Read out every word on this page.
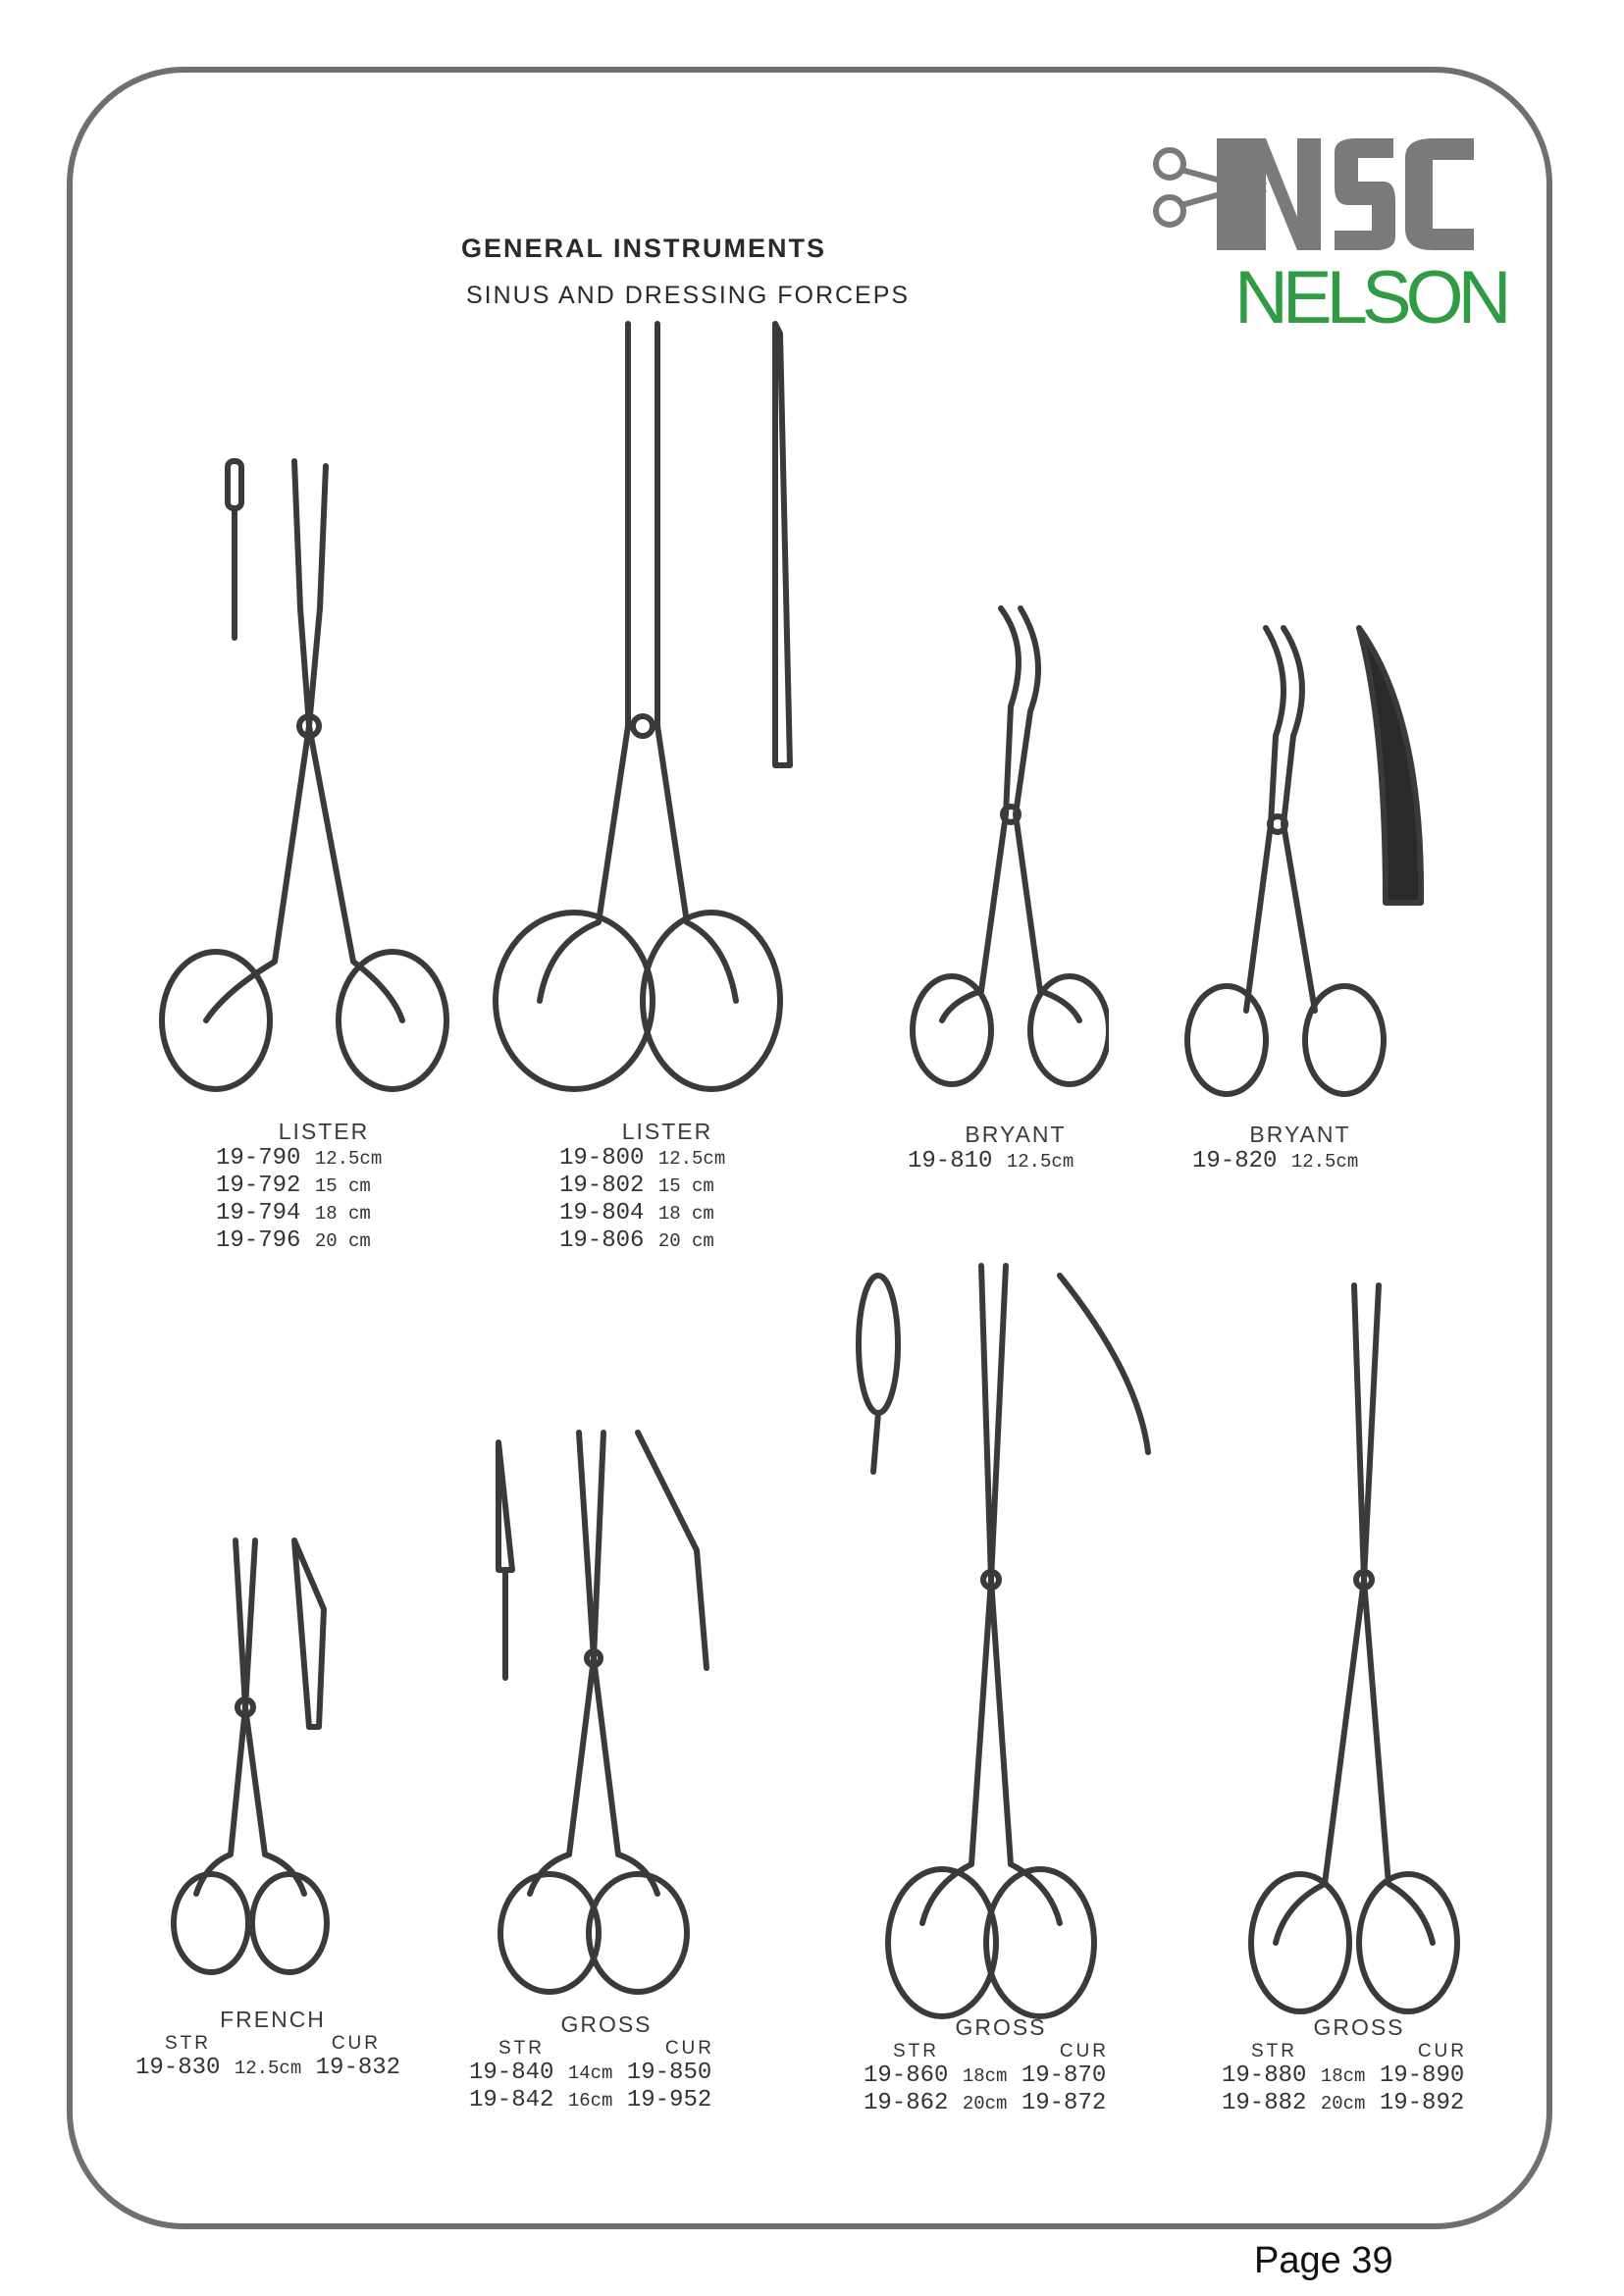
GENERAL INSTRUMENTS
SINUS AND DRESSING FORCEPS	NELSON
LISTER
19-790 12.5cm
19-792 15 cm
19-794 18 cm
19-796 20 cm
LISTER
19-800 12.5cm
19-802 15 cm
19-804 18 cm
19-806 20 cm
BRYANT
19-810 12.5cm
BRYANT
19-820 12.5cm
FRENCH
STR	CUR
19-830 12.5cm 19-832
GROSS
STR	CUR
19-840 14cm 19-850
19-842 16cm 19-952
GROSS
STR	CUR
19-860 18cm 19-870
19-862 20cm 19-872
GROSS
STR	CUR
19-880 18cm 19-890
19-882 20cm 19-892
Page 39
